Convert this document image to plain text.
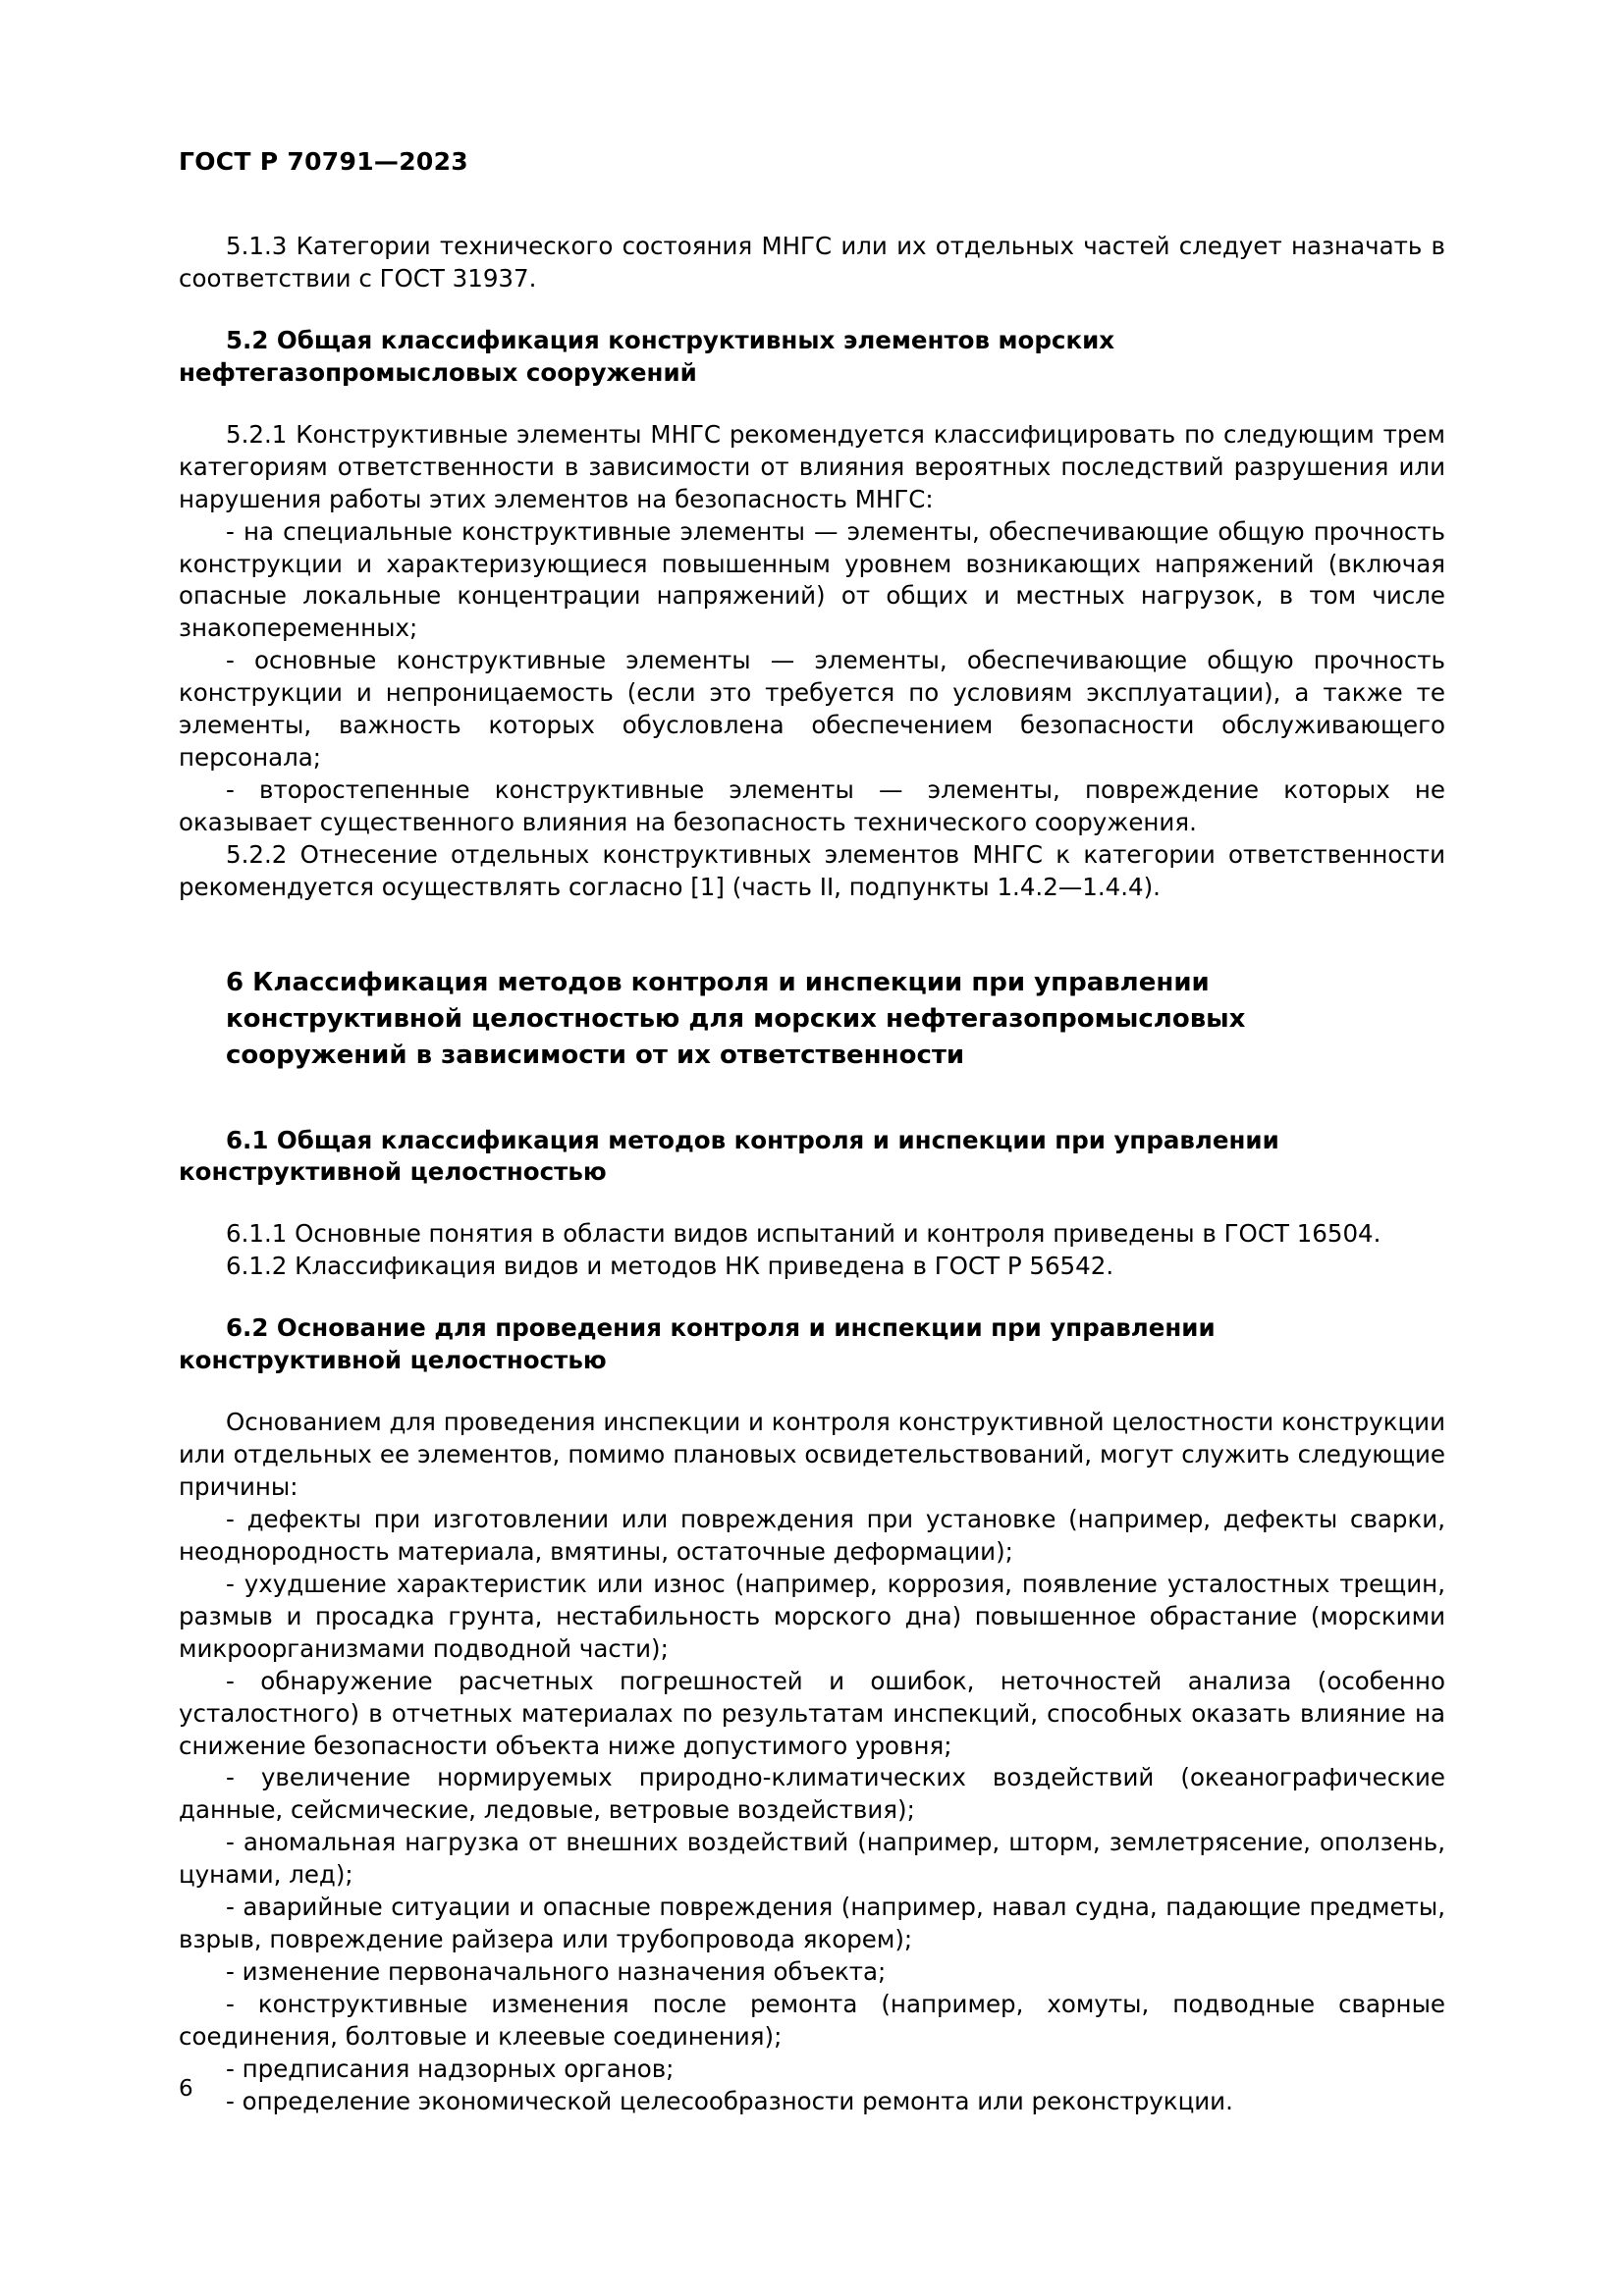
ГОСТ Р 70791—2023

5.1.3 Категории технического состояния МНГС или их отдельных частей следует назначать в соответствии с ГОСТ 31937.

5.2 Общая классификация конструктивных элементов морских нефтегазопромысловых сооружений

5.2.1 Конструктивные элементы МНГС рекомендуется классифицировать по следующим трем категориям ответственности в зависимости от влияния вероятных последствий разрушения или нарушения работы этих элементов на безопасность МНГС:

- на специальные конструктивные элементы — элементы, обеспечивающие общую прочность конструкции и характеризующиеся повышенным уровнем возникающих напряжений (включая опасные локальные концентрации напряжений) от общих и местных нагрузок, в том числе знакопеременных;

- основные конструктивные элементы — элементы, обеспечивающие общую прочность конструкции и непроницаемость (если это требуется по условиям эксплуатации), а также те элементы, важность которых обусловлена обеспечением безопасности обслуживающего персонала;

- второстепенные конструктивные элементы — элементы, повреждение которых не оказывает существенного влияния на безопасность технического сооружения.

5.2.2 Отнесение отдельных конструктивных элементов МНГС к категории ответственности рекомендуется осуществлять согласно [1] (часть II, подпункты 1.4.2—1.4.4).

6 Классификация методов контроля и инспекции при управлении конструктивной целостностью для морских нефтегазопромысловых сооружений в зависимости от их ответственности

6.1 Общая классификация методов контроля и инспекции при управлении конструктивной целостностью

6.1.1 Основные понятия в области видов испытаний и контроля приведены в ГОСТ 16504.

6.1.2 Классификация видов и методов НК приведена в ГОСТ Р 56542.

6.2 Основание для проведения контроля и инспекции при управлении конструктивной целостностью

Основанием для проведения инспекции и контроля конструктивной целостности конструкции или отдельных ее элементов, помимо плановых освидетельствований, могут служить следующие причины:

- дефекты при изготовлении или повреждения при установке (например, дефекты сварки, неоднородность материала, вмятины, остаточные деформации);

- ухудшение характеристик или износ (например, коррозия, появление усталостных трещин, размыв и просадка грунта, нестабильность морского дна) повышенное обрастание (морскими микроорганизмами подводной части);

- обнаружение расчетных погрешностей и ошибок, неточностей анализа (особенно усталостного) в отчетных материалах по результатам инспекций, способных оказать влияние на снижение безопасности объекта ниже допустимого уровня;

- увеличение нормируемых природно-климатических воздействий (океанографические данные, сейсмические, ледовые, ветровые воздействия);

- аномальная нагрузка от внешних воздействий (например, шторм, землетрясение, оползень, цунами, лед);

- аварийные ситуации и опасные повреждения (например, навал судна, падающие предметы, взрыв, повреждение райзера или трубопровода якорем);

- изменение первоначального назначения объекта;

- конструктивные изменения после ремонта (например, хомуты, подводные сварные соединения, болтовые и клеевые соединения);

- предписания надзорных органов;

- определение экономической целесообразности ремонта или реконструкции.

6
